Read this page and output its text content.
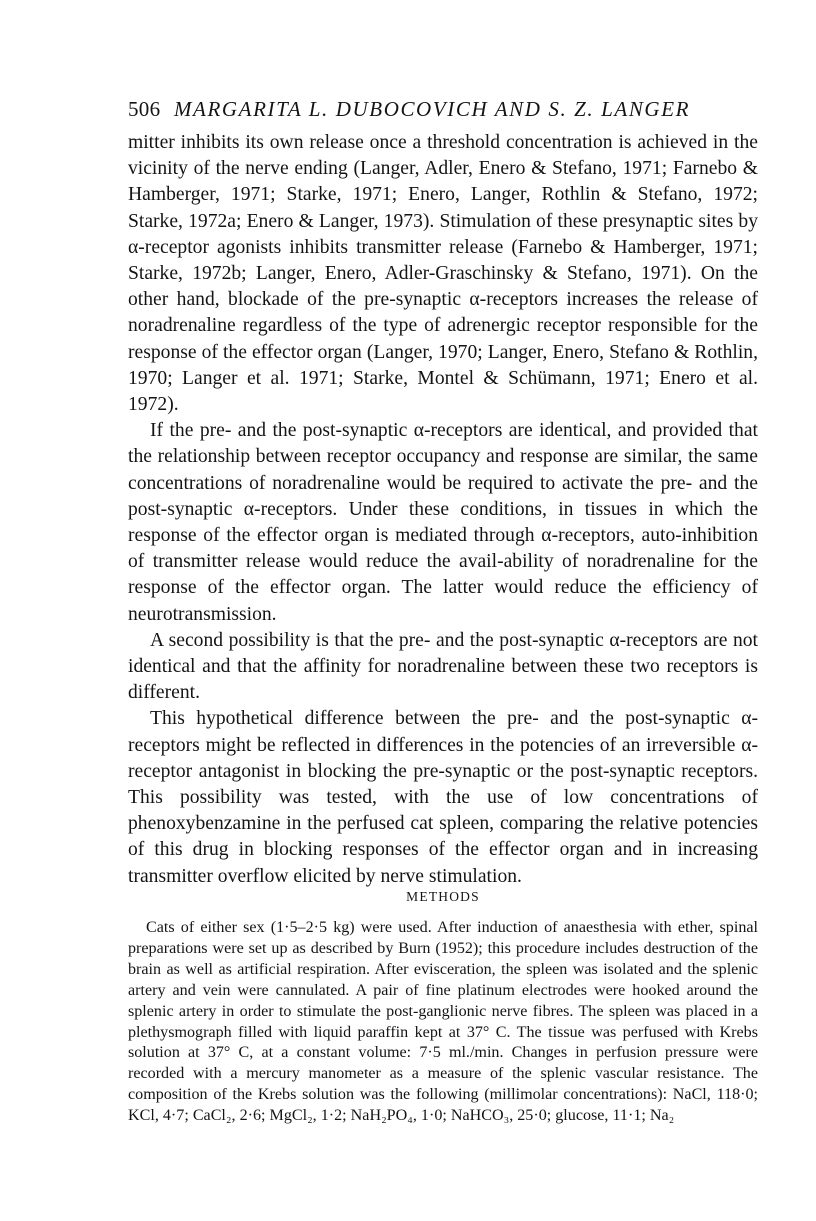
506 MARGARITA L. DUBOCOVICH AND S. Z. LANGER

mitter inhibits its own release once a threshold concentration is achieved in the vicinity of the nerve ending (Langer, Adler, Enero & Stefano, 1971; Farnebo & Hamberger, 1971; Starke, 1971; Enero, Langer, Rothlin & Stefano, 1972; Starke, 1972a; Enero & Langer, 1973). Stimulation of these presynaptic sites by α-receptor agonists inhibits transmitter release (Farnebo & Hamberger, 1971; Starke, 1972b; Langer, Enero, Adler-Graschinsky & Stefano, 1971). On the other hand, blockade of the pre-synaptic α-receptors increases the release of noradrenaline regardless of the type of adrenergic receptor responsible for the response of the effector organ (Langer, 1970; Langer, Enero, Stefano & Rothlin, 1970; Langer et al. 1971; Starke, Montel & Schümann, 1971; Enero et al. 1972).

If the pre- and the post-synaptic α-receptors are identical, and provided that the relationship between receptor occupancy and response are similar, the same concentrations of noradrenaline would be required to activate the pre- and the post-synaptic α-receptors. Under these conditions, in tissues in which the response of the effector organ is mediated through α-receptors, auto-inhibition of transmitter release would reduce the avail-ability of noradrenaline for the response of the effector organ. The latter would reduce the efficiency of neurotransmission.

A second possibility is that the pre- and the post-synaptic α-receptors are not identical and that the affinity for noradrenaline between these two receptors is different.

This hypothetical difference between the pre- and the post-synaptic α-receptors might be reflected in differences in the potencies of an irreversible α-receptor antagonist in blocking the pre-synaptic or the post-synaptic receptors. This possibility was tested, with the use of low concentrations of phenoxybenzamine in the perfused cat spleen, comparing the relative potencies of this drug in blocking responses of the effector organ and in increasing transmitter overflow elicited by nerve stimulation.

METHODS

Cats of either sex (1·5–2·5 kg) were used. After induction of anaesthesia with ether, spinal preparations were set up as described by Burn (1952); this procedure includes destruction of the brain as well as artificial respiration. After evisceration, the spleen was isolated and the splenic artery and vein were cannulated. A pair of fine platinum electrodes were hooked around the splenic artery in order to stimulate the post-ganglionic nerve fibres. The spleen was placed in a plethysmograph filled with liquid paraffin kept at 37° C. The tissue was perfused with Krebs solution at 37° C, at a constant volume: 7·5 ml./min. Changes in perfusion pressure were recorded with a mercury manometer as a measure of the splenic vascular resistance. The composition of the Krebs solution was the following (millimolar concentrations): NaCl, 118·0; KCl, 4·7; CaCl₂, 2·6; MgCl₂, 1·2; NaH₂PO₄, 1·0; NaHCO₃, 25·0; glucose, 11·1; Na₂
